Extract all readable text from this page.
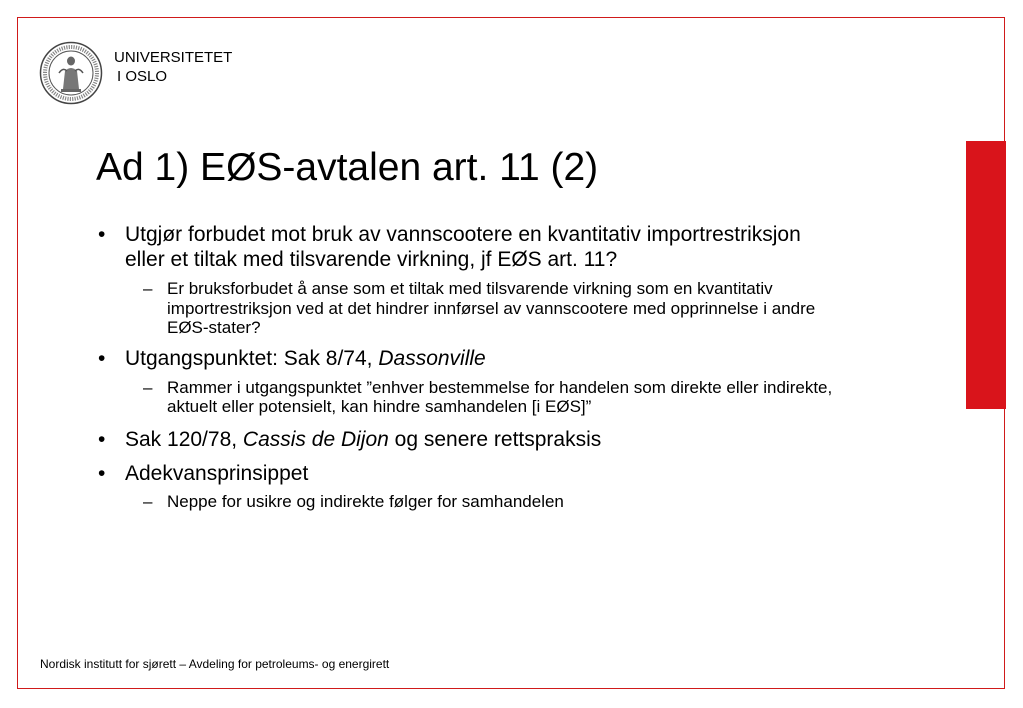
UNIVERSITETET
I OSLO
Ad 1) EØS-avtalen art. 11 (2)

• Utgjør forbudet mot bruk av vannscootere en kvantitativ importrestriksjon eller et tiltak med tilsvarende virkning, jf EØS art. 11?

– Er bruksforbudet å anse som et tiltak med tilsvarende virkning som en kvantitativ importrestriksjon ved at det hindrer innførsel av vannscootere med opprinnelse i andre EØS-stater?

• Utgangspunktet: Sak 8/74, Dassonville

– Rammer i utgangspunktet ”enhver bestemmelse for handelen som direkte eller indirekte, aktuelt eller potensielt, kan hindre samhandelen [i EØS]”

• Sak 120/78, Cassis de Dijon og senere rettspraksis

• Adekvansprinsippet

– Neppe for usikre og indirekte følger for samhandelen

Nordisk institutt for sjørett – Avdeling for petroleums- og energirett
